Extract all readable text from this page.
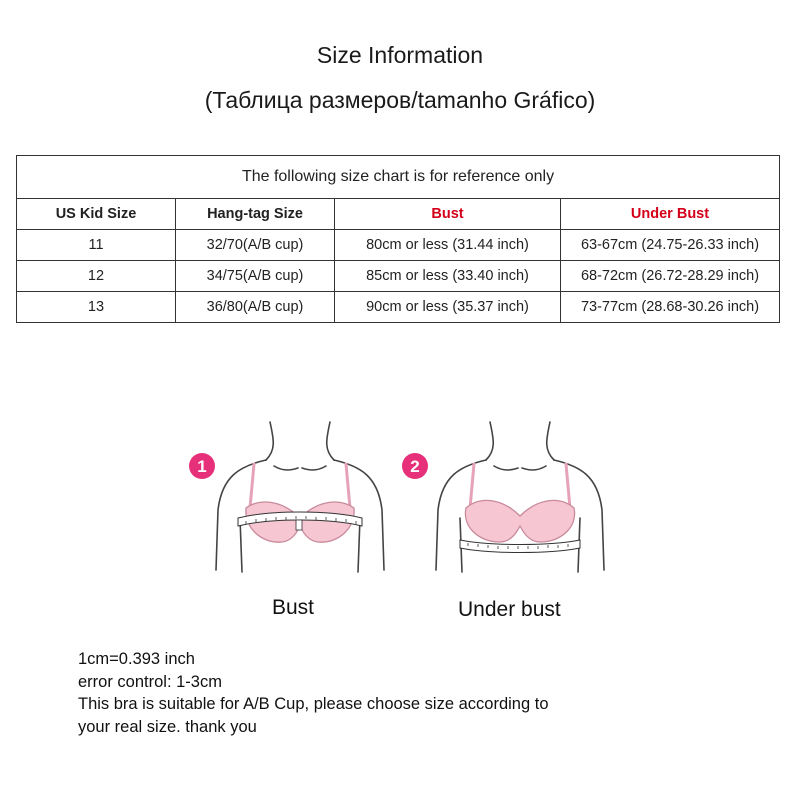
Size Information
(Таблица размеров/tamanho Gráfico)
The following size chart is for reference only			
US Kid Size	Hang-tag Size	Bust	Under Bust
11	32/70(A/B cup)	80cm or less (31.44 inch)	63-67cm (24.75-26.33 inch)
12	34/75(A/B cup)	85cm or less (33.40 inch)	68-72cm (26.72-28.29 inch)
13	36/80(A/B cup)	90cm or less (35.37 inch)	73-77cm (28.68-30.26 inch)
1	2
Bust	Under bust
1cm=0.393 inch
error control: 1-3cm
This bra is suitable for A/B Cup, please choose size according to
your real size. thank you
